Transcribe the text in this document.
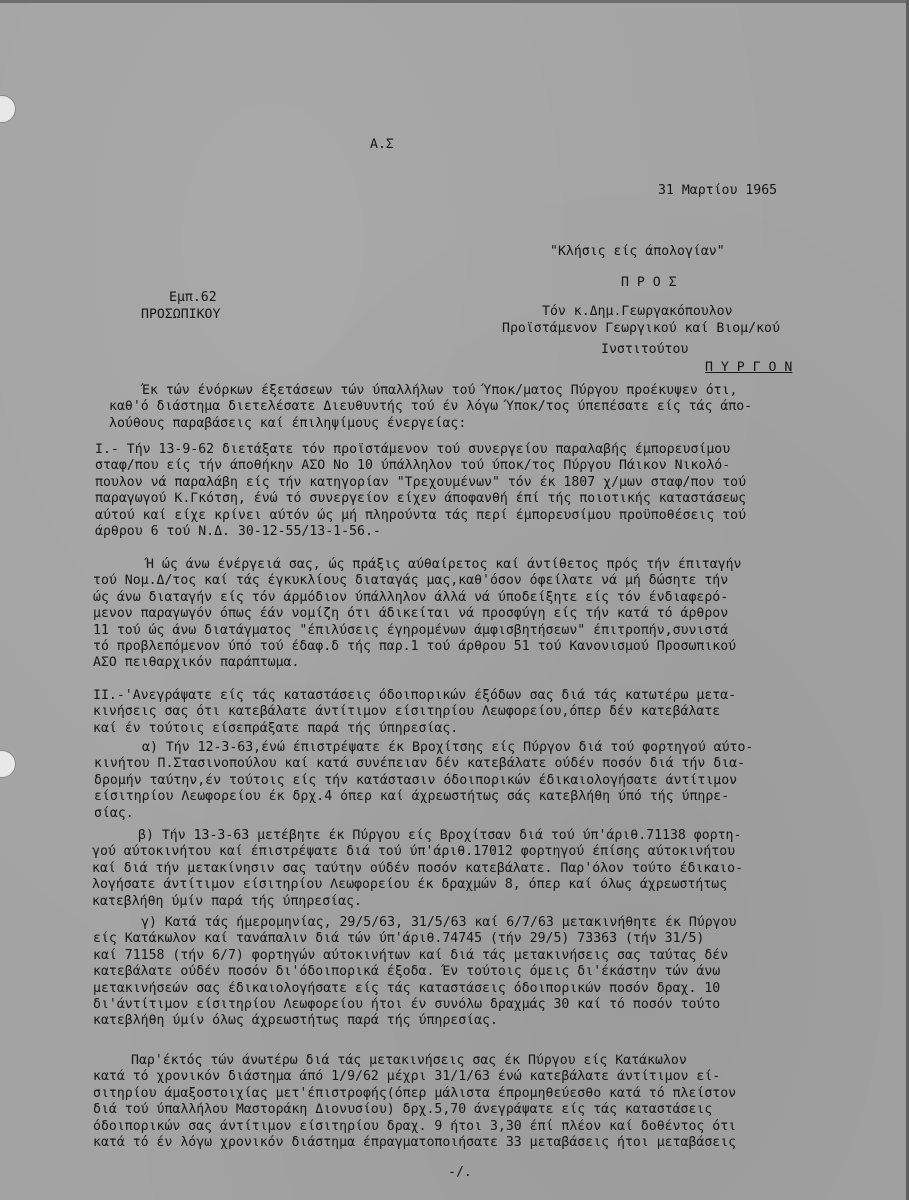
Α.Σ
31 Μαρτίου 1965
"Κλήσις είς άπολογίαν"
Π Ρ Ο Σ
Εμπ.62
ΠΡΟΣΩΠΙΚΟΥ	Τόν κ.Δημ.Γεωργακόπουλον
Προϊστάμενον Γεωργικού καί Βιομ/κού
Ινστιτούτου
Π Υ Ρ Γ Ο Ν
Έκ τών ένόρκων έξετάσεων τών ύπαλλήλων τού Ύποκ/ματος Πύργου προέκυψεν ότι,
καθ'ό διάστημα διετελέσατε Διευθυντής τού έν λόγω Ύποκ/τος ύπεπέσατε είς τάς άπο-
λούθους παραβάσεις καί έπιληψίμους ένεργείας:
Ι.- Τήν 13-9-62 διετάξατε τόν προϊστάμενον τού συνεργείου παραλαβής έμπορευσίμου
σταφ/που είς τήν άποθήκην ΑΣΟ Νο 10 ύπάλληλον τού ύποκ/τος Πύργου Πάικον Νικολό-
πουλον νά παραλάβη είς τήν κατηγορίαν "Τρεχουμένων" τόν έκ 1807 χ/μων σταφ/πον τού
παραγωγού Κ.Γκότση, ένώ τό συνεργείον είχεν άποφανθή έπί τής ποιοτικής καταστάσεως
αύτού καί είχε κρίνει αύτόν ώς μή πληρούντα τάς περί έμπορευσίμου προϋποθέσεις τού
άρθρου 6 τού Ν.Δ. 30-12-55/13-1-56.-
Ή ώς άνω ένέργειά σας, ώς πράξις αύθαίρετος καί άντίθετος πρός τήν έπιταγήν
τού Νομ.Δ/τος καί τάς έγκυκλίους διαταγάς μας,καθ'όσον όφείλατε νά μή δώσητε τήν
ώς άνω διαταγήν είς τόν άρμόδιον ύπάλληλον άλλά νά ύποδείξητε είς τόν ένδιαφερό-
μενον παραγωγόν όπως έάν νομίζη ότι άδικείται νά προσφύγη είς τήν κατά τό άρθρον
11 τού ώς άνω διατάγματος "έπιλύσεις έγηρομένων άμφισβητήσεων" έπιτροπήν,συνιστά
τό προβλεπόμενον ύπό τού έδαφ.δ τής παρ.1 τού άρθρου 51 τού Κανονισμού Προσωπικού
ΑΣΟ πειθαρχικόν παράπτωμα.
ΙΙ.-'Ανεγράψατε είς τάς καταστάσεις όδοιπορικών έξόδων σας διά τάς κατωτέρω μετα-
κινήσεις σας ότι κατεβάλατε άντίτιμον είσιτηρίου Λεωφορείου,όπερ δέν κατεβάλατε
καί έν τούτοις είσεπράξατε παρά τής ύπηρεσίας.
α) Τήν 12-3-63,ένώ έπιστρέψατε έκ Βροχίτσης είς Πύργον διά τού φορτηγού αύτο-
κινήτου Π.Στασινοπούλου καί κατά συνέπειαν δέν κατεβάλατε ούδέν ποσόν διά τήν δια-
δρομήν ταύτην,έν τούτοις είς τήν κατάστασιν όδοιπορικών έδικαιολογήσατε άντίτιμον
είσιτηρίου Λεωφορείου έκ δρχ.4 όπερ καί άχρεωστήτως σάς κατεβλήθη ύπό τής ύπηρε-
σίας.
β) Τήν 13-3-63 μετέβητε έκ Πύργου είς Βροχίτσαν διά τού ύπ'άριθ.71138 φορτη-
γού αύτοκινήτου καί έπιστρέψατε διά τού ύπ'άριθ.17012 φορτηγού έπίσης αύτοκινήτου
καί διά τήν μετακίνησιν σας ταύτην ούδέν ποσόν κατεβάλατε. Παρ'όλον τούτο έδικαιο-
λογήσατε άντίτιμον είσιτηρίου Λεωφορείου έκ δραχμών 8, όπερ καί όλως άχρεωστήτως
κατεβλήθη ύμίν παρά τής ύπηρεσίας.
γ) Κατά τάς ήμερομηνίας, 29/5/63, 31/5/63 καί 6/7/63 μετακινήθητε έκ Πύργου
είς Κατάκωλον καί τανάπαλιν διά τών ύπ'άριθ.74745 (τήν 29/5) 73363 (τήν 31/5)
καί 71158 (τήν 6/7) φορτηγών αύτοκινήτων καί διά τάς μετακινήσεις σας ταύτας δέν
κατεβάλατε ούδέν ποσόν δι'όδοιπορικά έξοδα. Έν τούτοις όμεις δι'έκάστην τών άνω
μετακινήσεών σας έδικαιολογήσατε είς τάς καταστάσεις όδοιπορικών ποσόν δραχ. 10
δι'άντίτιμον είσιτηρίου Λεωφορείου ήτοι έν συνόλω δραχμάς 30 καί τό ποσόν τούτο
κατεβλήθη ύμίν όλως άχρεωστήτως παρά τής ύπηρεσίας.
Παρ'έκτός τών άνωτέρω διά τάς μετακινήσεις σας έκ Πύργου είς Κατάκωλον
κατά τό χρονικόν διάστημα άπό 1/9/62 μέχρι 31/1/63 ένώ κατεβάλατε άντίτιμον εί-
σιτηρίου άμαξοστοιχίας μετ'έπιστροφής(όπερ μάλιστα έπρομηθεύεσθο κατά τό πλείστον
διά τού ύπαλλήλου Μαστοράκη Διονυσίου) δρχ.5,70 άνεγράψατε είς τάς καταστάσεις
όδοιπορικών σας άντίτιμον είσιτηρίου δραχ. 9 ήτοι 3,30 έπί πλέον καί δοθέντος ότι
κατά τό έν λόγω χρονικόν διάστημα έπραγματοποιήσατε 33 μεταβάσεις ήτοι μεταβάσεις
-/.
